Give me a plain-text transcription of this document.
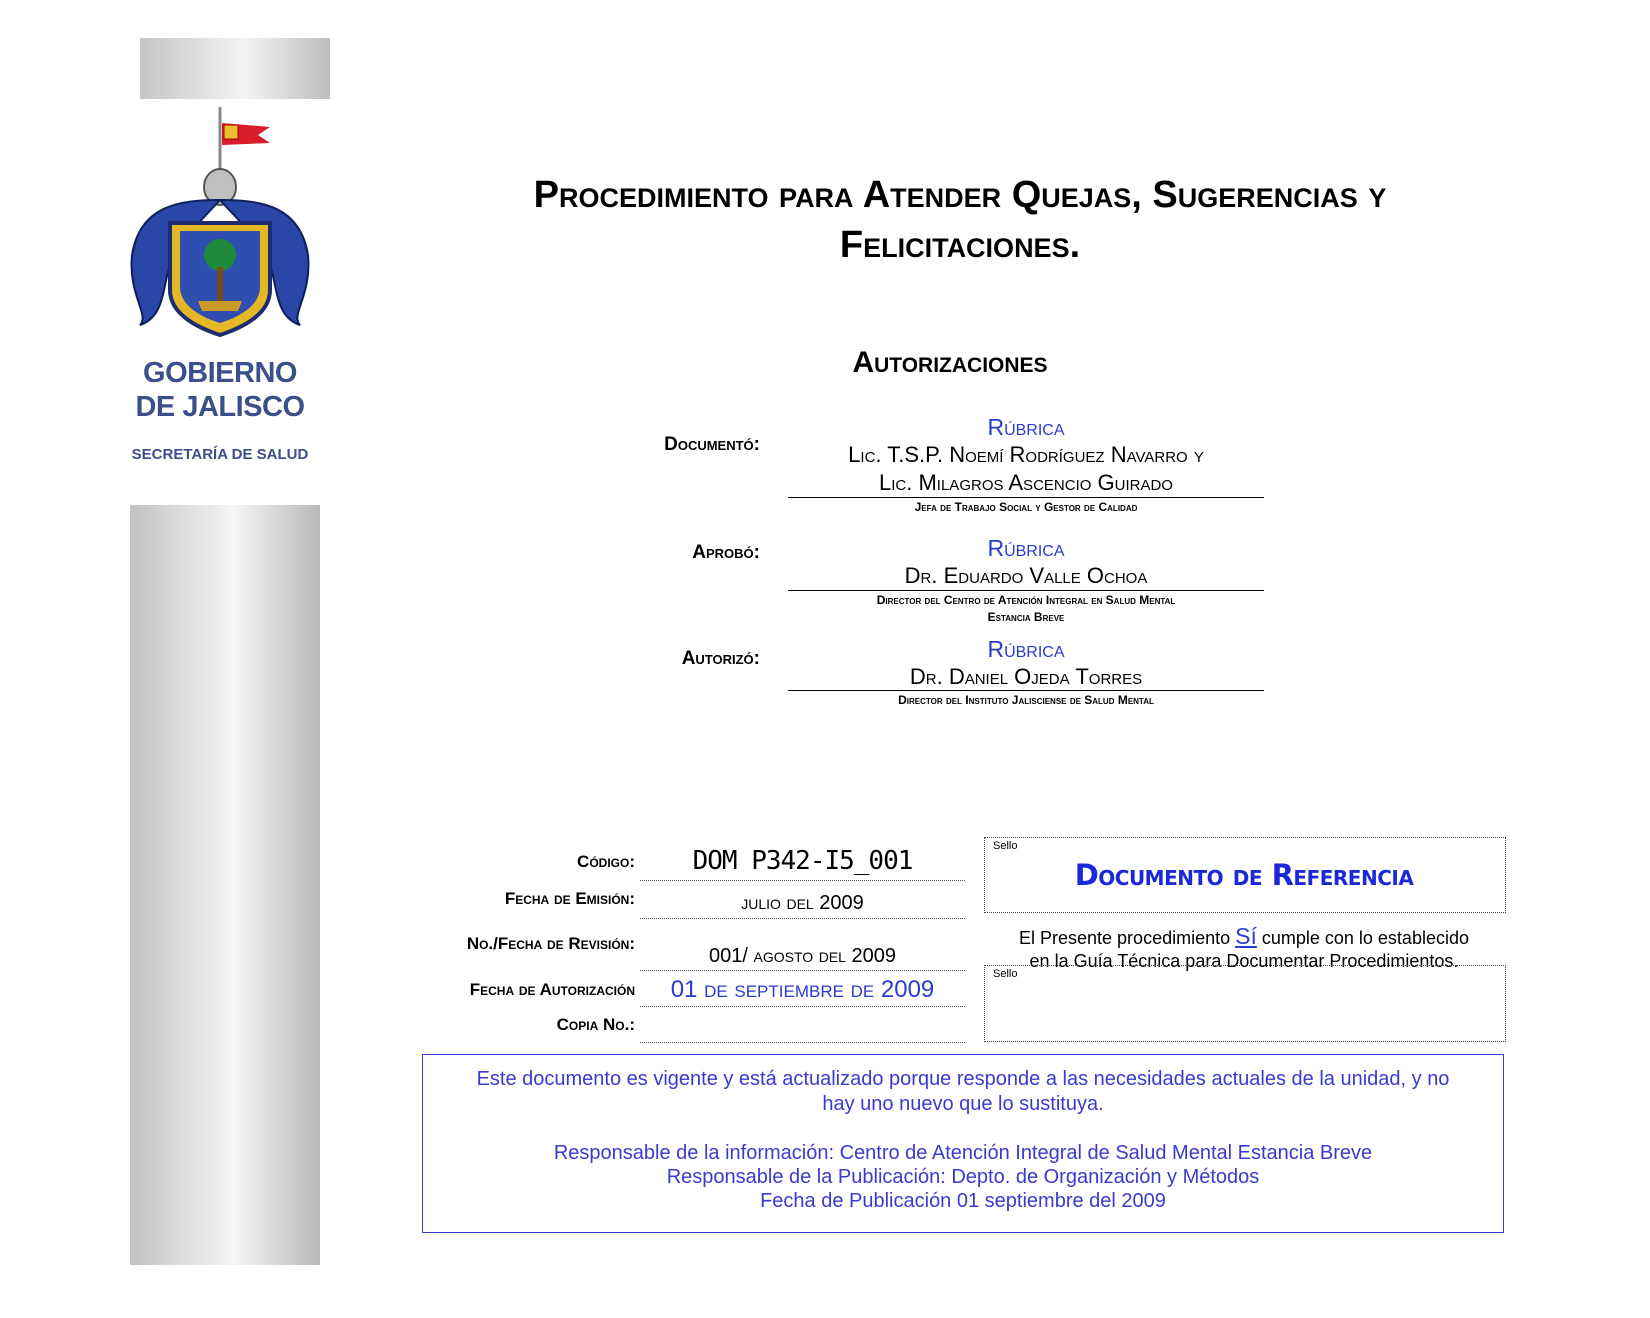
GOBIERNO
DE JALISCO
SECRETARÍA DE SALUD
Procedimiento para Atender Quejas, Sugerencias y
Felicitaciones.
Autorizaciones
Documentó:
Rúbrica
Lic. T.S.P. Noemí Rodríguez Navarro y
Lic. Milagros Ascencio Guirado
Jefa de Trabajo Social y Gestor de Calidad
Aprobó:	Rúbrica
Dr. Eduardo Valle Ochoa
Director del Centro de Atención Integral en Salud Mental
Estancia Breve
Autorizó:	Rúbrica
Dr. Daniel Ojeda Torres
Director del Instituto Jalisciense de Salud Mental
Código:	DOM P342-I5_001
Fecha de Emisión:	julio del 2009
No./Fecha de Revisión:
001/ agosto del 2009
Fecha de Autorización	01 de septiembre de 2009
Copia No.:
Sello
Documento de Referencia
El Presente procedimiento Sí cumple con lo establecido
en la Guía Técnica para Documentar Procedimientos.
Sello
Este documento es vigente y está actualizado porque responde a las necesidades actuales de la unidad, y no
hay uno nuevo que lo sustituya.
Responsable de la información: Centro de Atención Integral de Salud Mental Estancia Breve
Responsable de la Publicación: Depto. de Organización y Métodos
Fecha de Publicación 01 septiembre del 2009
